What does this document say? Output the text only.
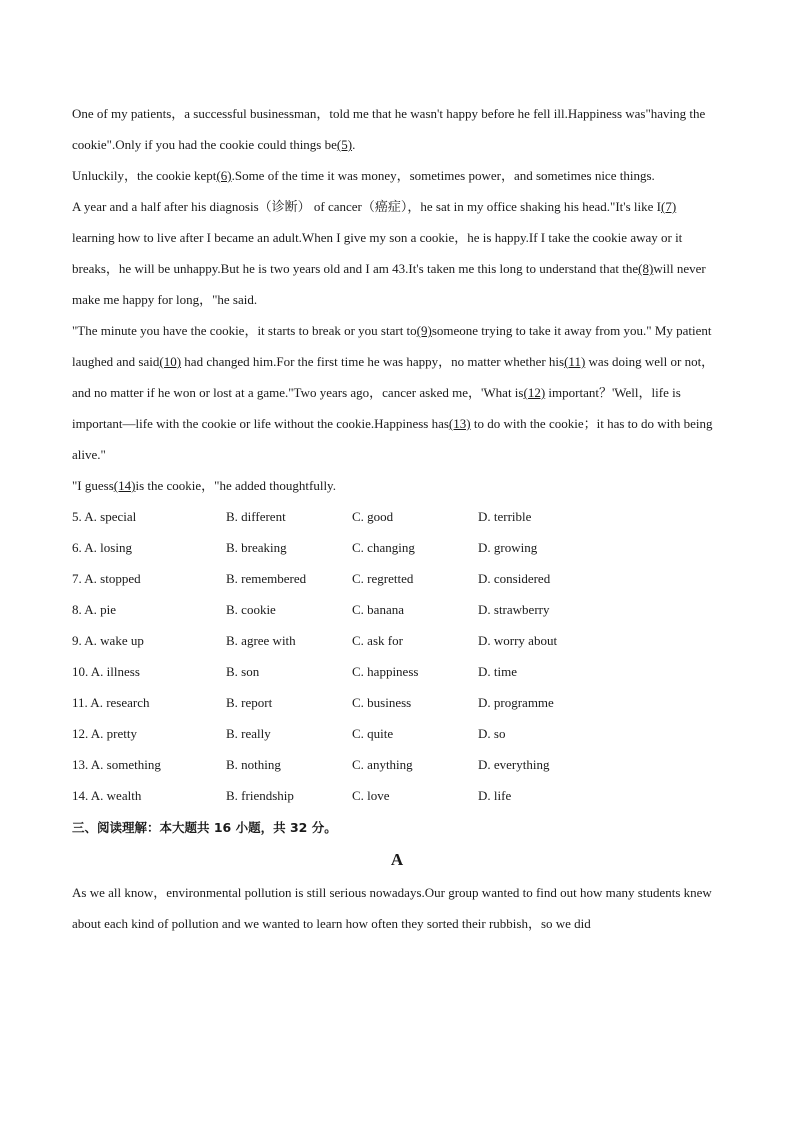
One of my patients，a successful businessman，told me that he wasn't happy before he fell ill.Happiness was"having the cookie".Only if you had the cookie could things be(5).

Unluckily，the cookie kept(6).Some of the time it was money，sometimes power，and sometimes nice things.

A year and a half after his diagnosis（诊断） of cancer（癌症），he sat in my office shaking his head."It's like I(7) learning how to live after I became an adult.When I give my son a cookie，he is happy.If I take the cookie away or it breaks，he will be unhappy.But he is two years old and I am 43.It's taken me this long to understand that the(8)will never make me happy for long，"he said.

"The minute you have the cookie，it starts to break or you start to(9)someone trying to take it away from you." My patient laughed and said(10) had changed him.For the first time he was happy，no matter whether his(11) was doing well or not，and no matter if he won or lost at a game."Two years ago，cancer asked me，'What is(12) important？'Well，life is important—life with the cookie or life without the cookie.Happiness has(13) to do with the cookie；it has to do with being alive."

"I guess(14)is the cookie，"he added thoughtfully.

5. A. special	B. different	C. good	D. terrible
6. A. losing	B. breaking	C. changing	D. growing
7. A. stopped	B. remembered	C. regretted	D. considered
8. A. pie	B. cookie	C. banana	D. strawberry
9. A. wake up	B. agree with	C. ask for	D. worry about
10. A. illness	B. son	C. happiness	D. time
11. A. research	B. report	C. business	D. programme
12. A. pretty	B. really	C. quite	D. so
13. A. something	B. nothing	C. anything	D. everything
14. A. wealth	B. friendship	C. love	D. life

三、阅读理解：本大题共 16 小题，共 32 分。

A

As we all know，environmental pollution is still serious nowadays.Our group wanted to find out how many students knew about each kind of pollution and we wanted to learn how often they sorted their rubbish，so we did
